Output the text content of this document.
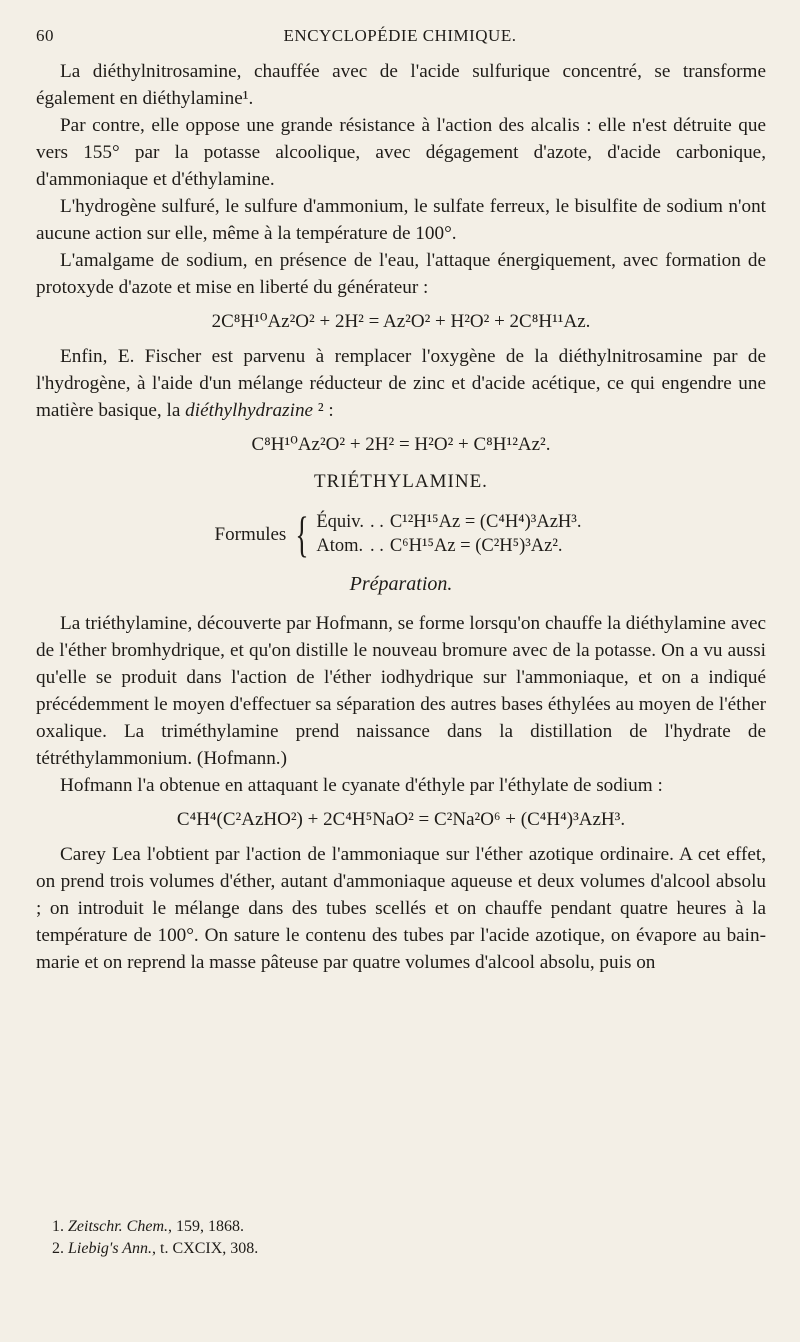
60	ENCYCLOPÉDIE CHIMIQUE.

La diéthylnitrosamine, chauffée avec de l'acide sulfurique concentré, se transforme également en diéthylamine¹.

Par contre, elle oppose une grande résistance à l'action des alcalis : elle n'est détruite que vers 155° par la potasse alcoolique, avec dégagement d'azote, d'acide carbonique, d'ammoniaque et d'éthylamine.

L'hydrogène sulfuré, le sulfure d'ammonium, le sulfate ferreux, le bisulfite de sodium n'ont aucune action sur elle, même à la température de 100°.

L'amalgame de sodium, en présence de l'eau, l'attaque énergiquement, avec formation de protoxyde d'azote et mise en liberté du générateur :

2C⁸H¹⁰Az²O² + 2H² = Az²O² + H²O² + 2C⁸H¹¹Az.

Enfin, E. Fischer est parvenu à remplacer l'oxygène de la diéthylnitrosamine par de l'hydrogène, à l'aide d'un mélange réducteur de zinc et d'acide acétique, ce qui engendre une matière basique, la diéthylhydrazine ² :

C⁸H¹⁰Az²O² + 2H² = H²O² + C⁸H¹²Az².
TRIÉTHYLAMINE.
Formules { Équiv.	. .	C¹²H¹⁵Az = (C⁴H⁴)³AzH³.
Atom.	. .	C⁶H¹⁵Az = (C²H⁵)³Az².
Préparation.

La triéthylamine, découverte par Hofmann, se forme lorsqu'on chauffe la diéthylamine avec de l'éther bromhydrique, et qu'on distille le nouveau bromure avec de la potasse. On a vu aussi qu'elle se produit dans l'action de l'éther iodhydrique sur l'ammoniaque, et on a indiqué précédemment le moyen d'effectuer sa séparation des autres bases éthylées au moyen de l'éther oxalique. La triméthylamine prend naissance dans la distillation de l'hydrate de tétréthylammonium. (Hofmann.)

Hofmann l'a obtenue en attaquant le cyanate d'éthyle par l'éthylate de sodium :

C⁴H⁴(C²AzHO²) + 2C⁴H⁵NaO² = C²Na²O⁶ + (C⁴H⁴)³AzH³.

Carey Lea l'obtient par l'action de l'ammoniaque sur l'éther azotique ordinaire. A cet effet, on prend trois volumes d'éther, autant d'ammoniaque aqueuse et deux volumes d'alcool absolu ; on introduit le mélange dans des tubes scellés et on chauffe pendant quatre heures à la température de 100°. On sature le contenu des tubes par l'acide azotique, on évapore au bain-marie et on reprend la masse pâteuse par quatre volumes d'alcool absolu, puis on

1. Zeitschr. Chem., 159, 1868.
2. Liebig's Ann., t. CXCIX, 308.
